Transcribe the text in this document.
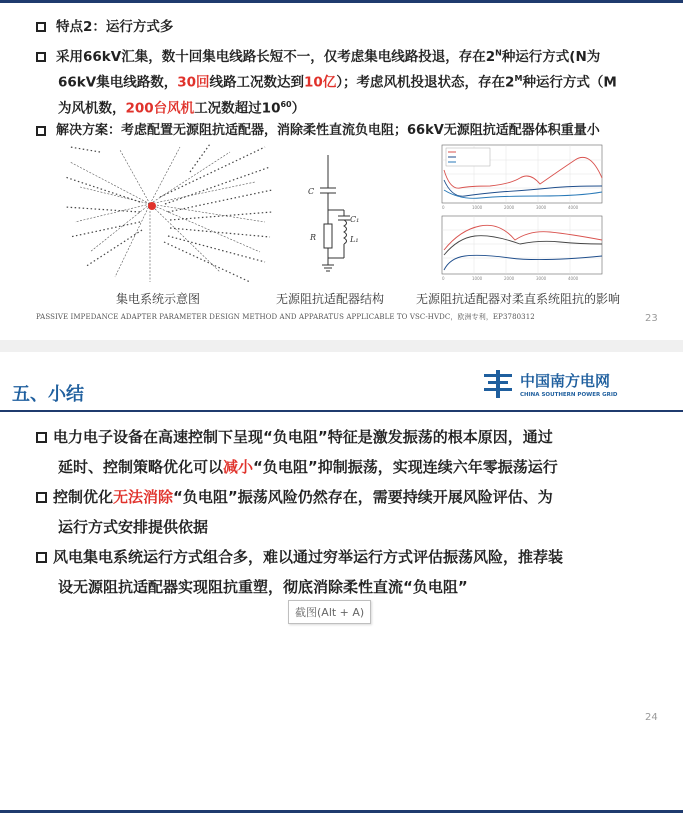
特点2：运行方式多
采用66kV汇集，数十回集电线路长短不一，仅考虑集电线路投退，存在$2^N$种运行方式(N为
66kV集电线路数，30回线路工况数达到10亿）；考虑风机投退状态，存在$2^M$种运行方式（M
为风机数，200台风机工况数超过$10^{60}$）
解决方案：考虑配置无源阻抗适配器，消除柔性直流负电阻；66kV无源阻抗适配器体积重量小
C
R
C₁
L₁
0	1000	2000	3000	4000
0	1000	2000	3000	4000
集电系统示意图	无源阻抗适配器结构	无源阻抗适配器对柔直系统阻抗的影响
PASSIVE IMPEDANCE ADAPTER PARAMETER DESIGN METHOD AND APPARATUS APPLICABLE TO VSC-HVDC，欧洲专利，EP3780312	23
五、小结
中国南方电网
CHINA SOUTHERN POWER GRID
电力电子设备在高速控制下呈现“负电阻”特征是激发振荡的根本原因，通过
延时、控制策略优化可以减小“负电阻”抑制振荡，实现连续六年零振荡运行
控制优化无法消除“负电阻”振荡风险仍然存在，需要持续开展风险评估、为
运行方式安排提供依据
风电集电系统运行方式组合多，难以通过穷举运行方式评估振荡风险，推荐装
设无源阻抗适配器实现阻抗重塑，彻底消除柔性直流“负电阻”
截图(Alt + A)
24
